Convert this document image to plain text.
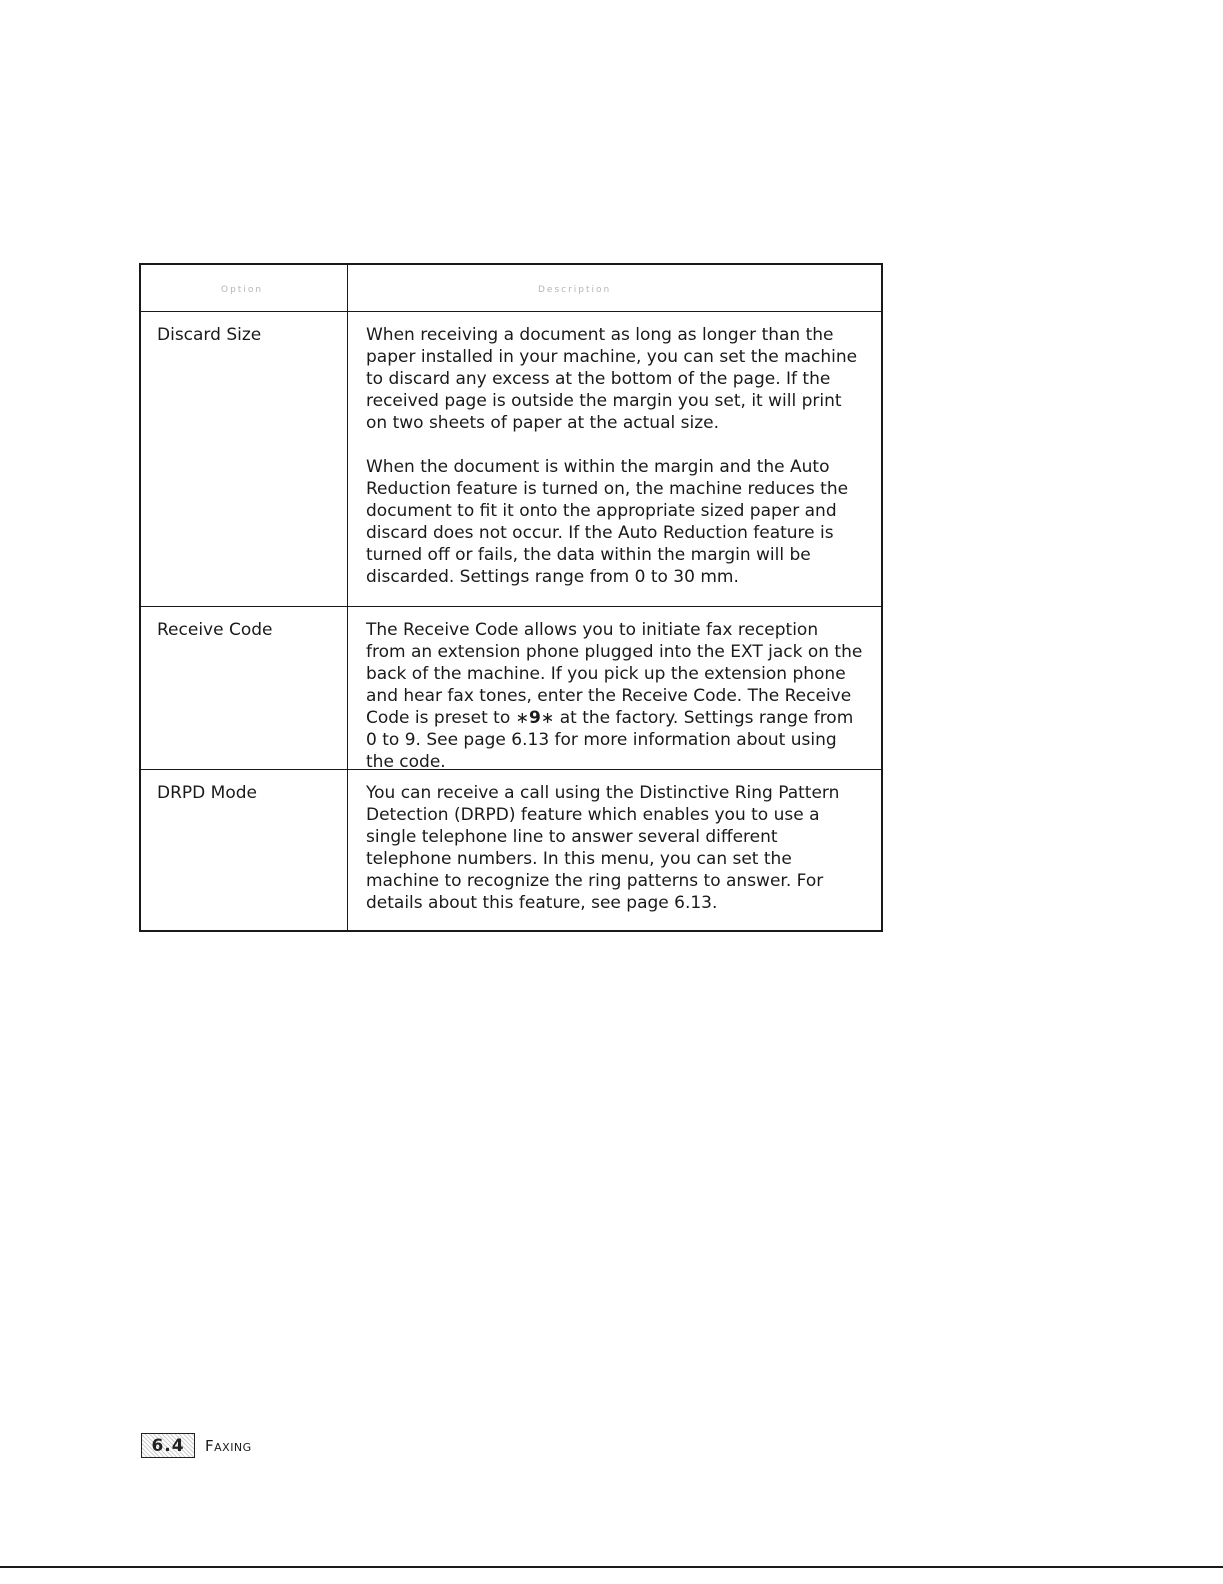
Option	Description
Discard Size	When receiving a document as long as longer than the paper installed in your machine, you can set the machine to discard any excess at the bottom of the page. If the received page is outside the margin you set, it will print on two sheets of paper at the actual size.

When the document is within the margin and the Auto Reduction feature is turned on, the machine reduces the document to fit it onto the appropriate sized paper and discard does not occur. If the Auto Reduction feature is turned off or fails, the data within the margin will be discarded. Settings range from 0 to 30 mm.

Receive Code	The Receive Code allows you to initiate fax reception from an extension phone plugged into the EXT jack on the back of the machine. If you pick up the extension phone and hear fax tones, enter the Receive Code. The Receive Code is preset to ∗9∗ at the factory. Settings range from 0 to 9. See page 6.13 for more information about using the code.

DRPD Mode	You can receive a call using the Distinctive Ring Pattern Detection (DRPD) feature which enables you to use a single telephone line to answer several different telephone numbers. In this menu, you can set the machine to recognize the ring patterns to answer. For details about this feature, see page 6.13.

6.4	Faxing
